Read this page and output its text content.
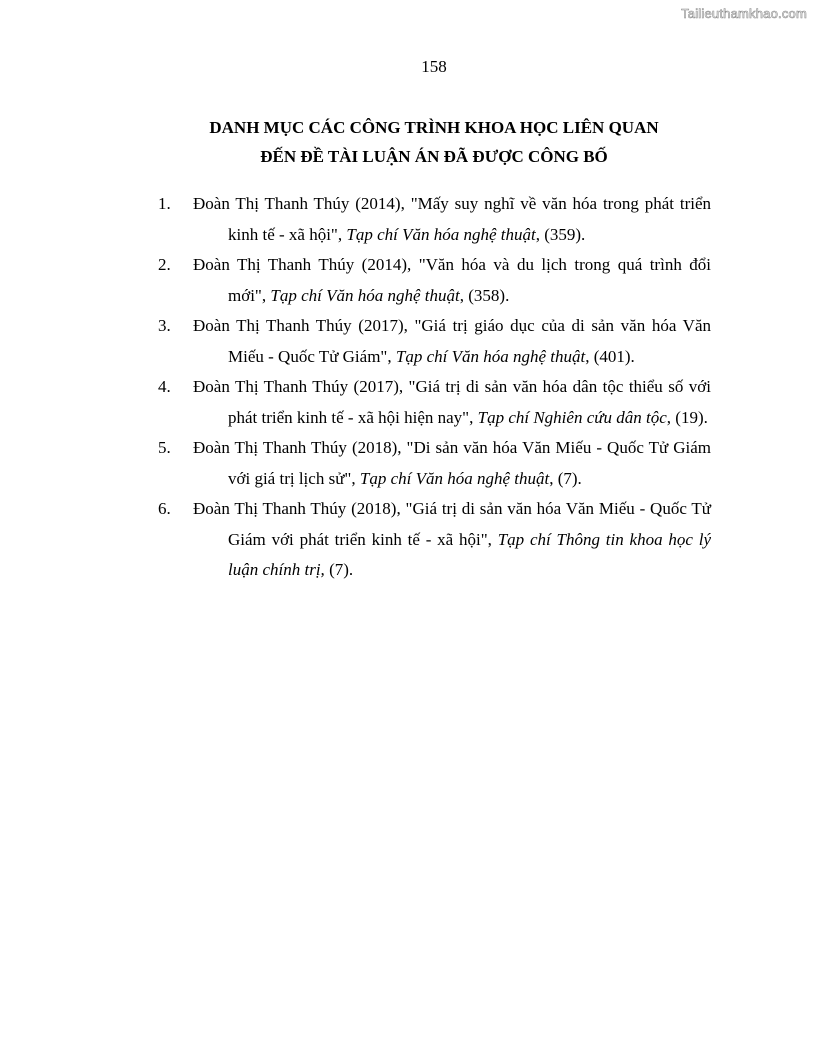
Tailieuthamkhao.com
158
DANH MỤC CÁC CÔNG TRÌNH KHOA HỌC LIÊN QUAN
ĐẾN ĐỀ TÀI LUẬN ÁN ĐÃ ĐƯỢC CÔNG BỐ
1. Đoàn Thị Thanh Thúy (2014), "Mấy suy nghĩ về văn hóa trong phát triển kinh tế - xã hội", Tạp chí Văn hóa nghệ thuật, (359).
2. Đoàn Thị Thanh Thúy (2014), "Văn hóa và du lịch trong quá trình đổi mới", Tạp chí Văn hóa nghệ thuật, (358).
3. Đoàn Thị Thanh Thúy (2017), "Giá trị giáo dục của di sản văn hóa Văn Miếu - Quốc Tử Giám", Tạp chí Văn hóa nghệ thuật, (401).
4. Đoàn Thị Thanh Thúy (2017), "Giá trị di sản văn hóa dân tộc thiểu số với phát triển kinh tế - xã hội hiện nay", Tạp chí Nghiên cứu dân tộc, (19).
5. Đoàn Thị Thanh Thúy (2018), "Di sản văn hóa Văn Miếu - Quốc Tử Giám với giá trị lịch sử", Tạp chí Văn hóa nghệ thuật, (7).
6. Đoàn Thị Thanh Thúy (2018), "Giá trị di sản văn hóa Văn Miếu - Quốc Tử Giám với phát triển kinh tế - xã hội", Tạp chí Thông tin khoa học lý luận chính trị, (7).
